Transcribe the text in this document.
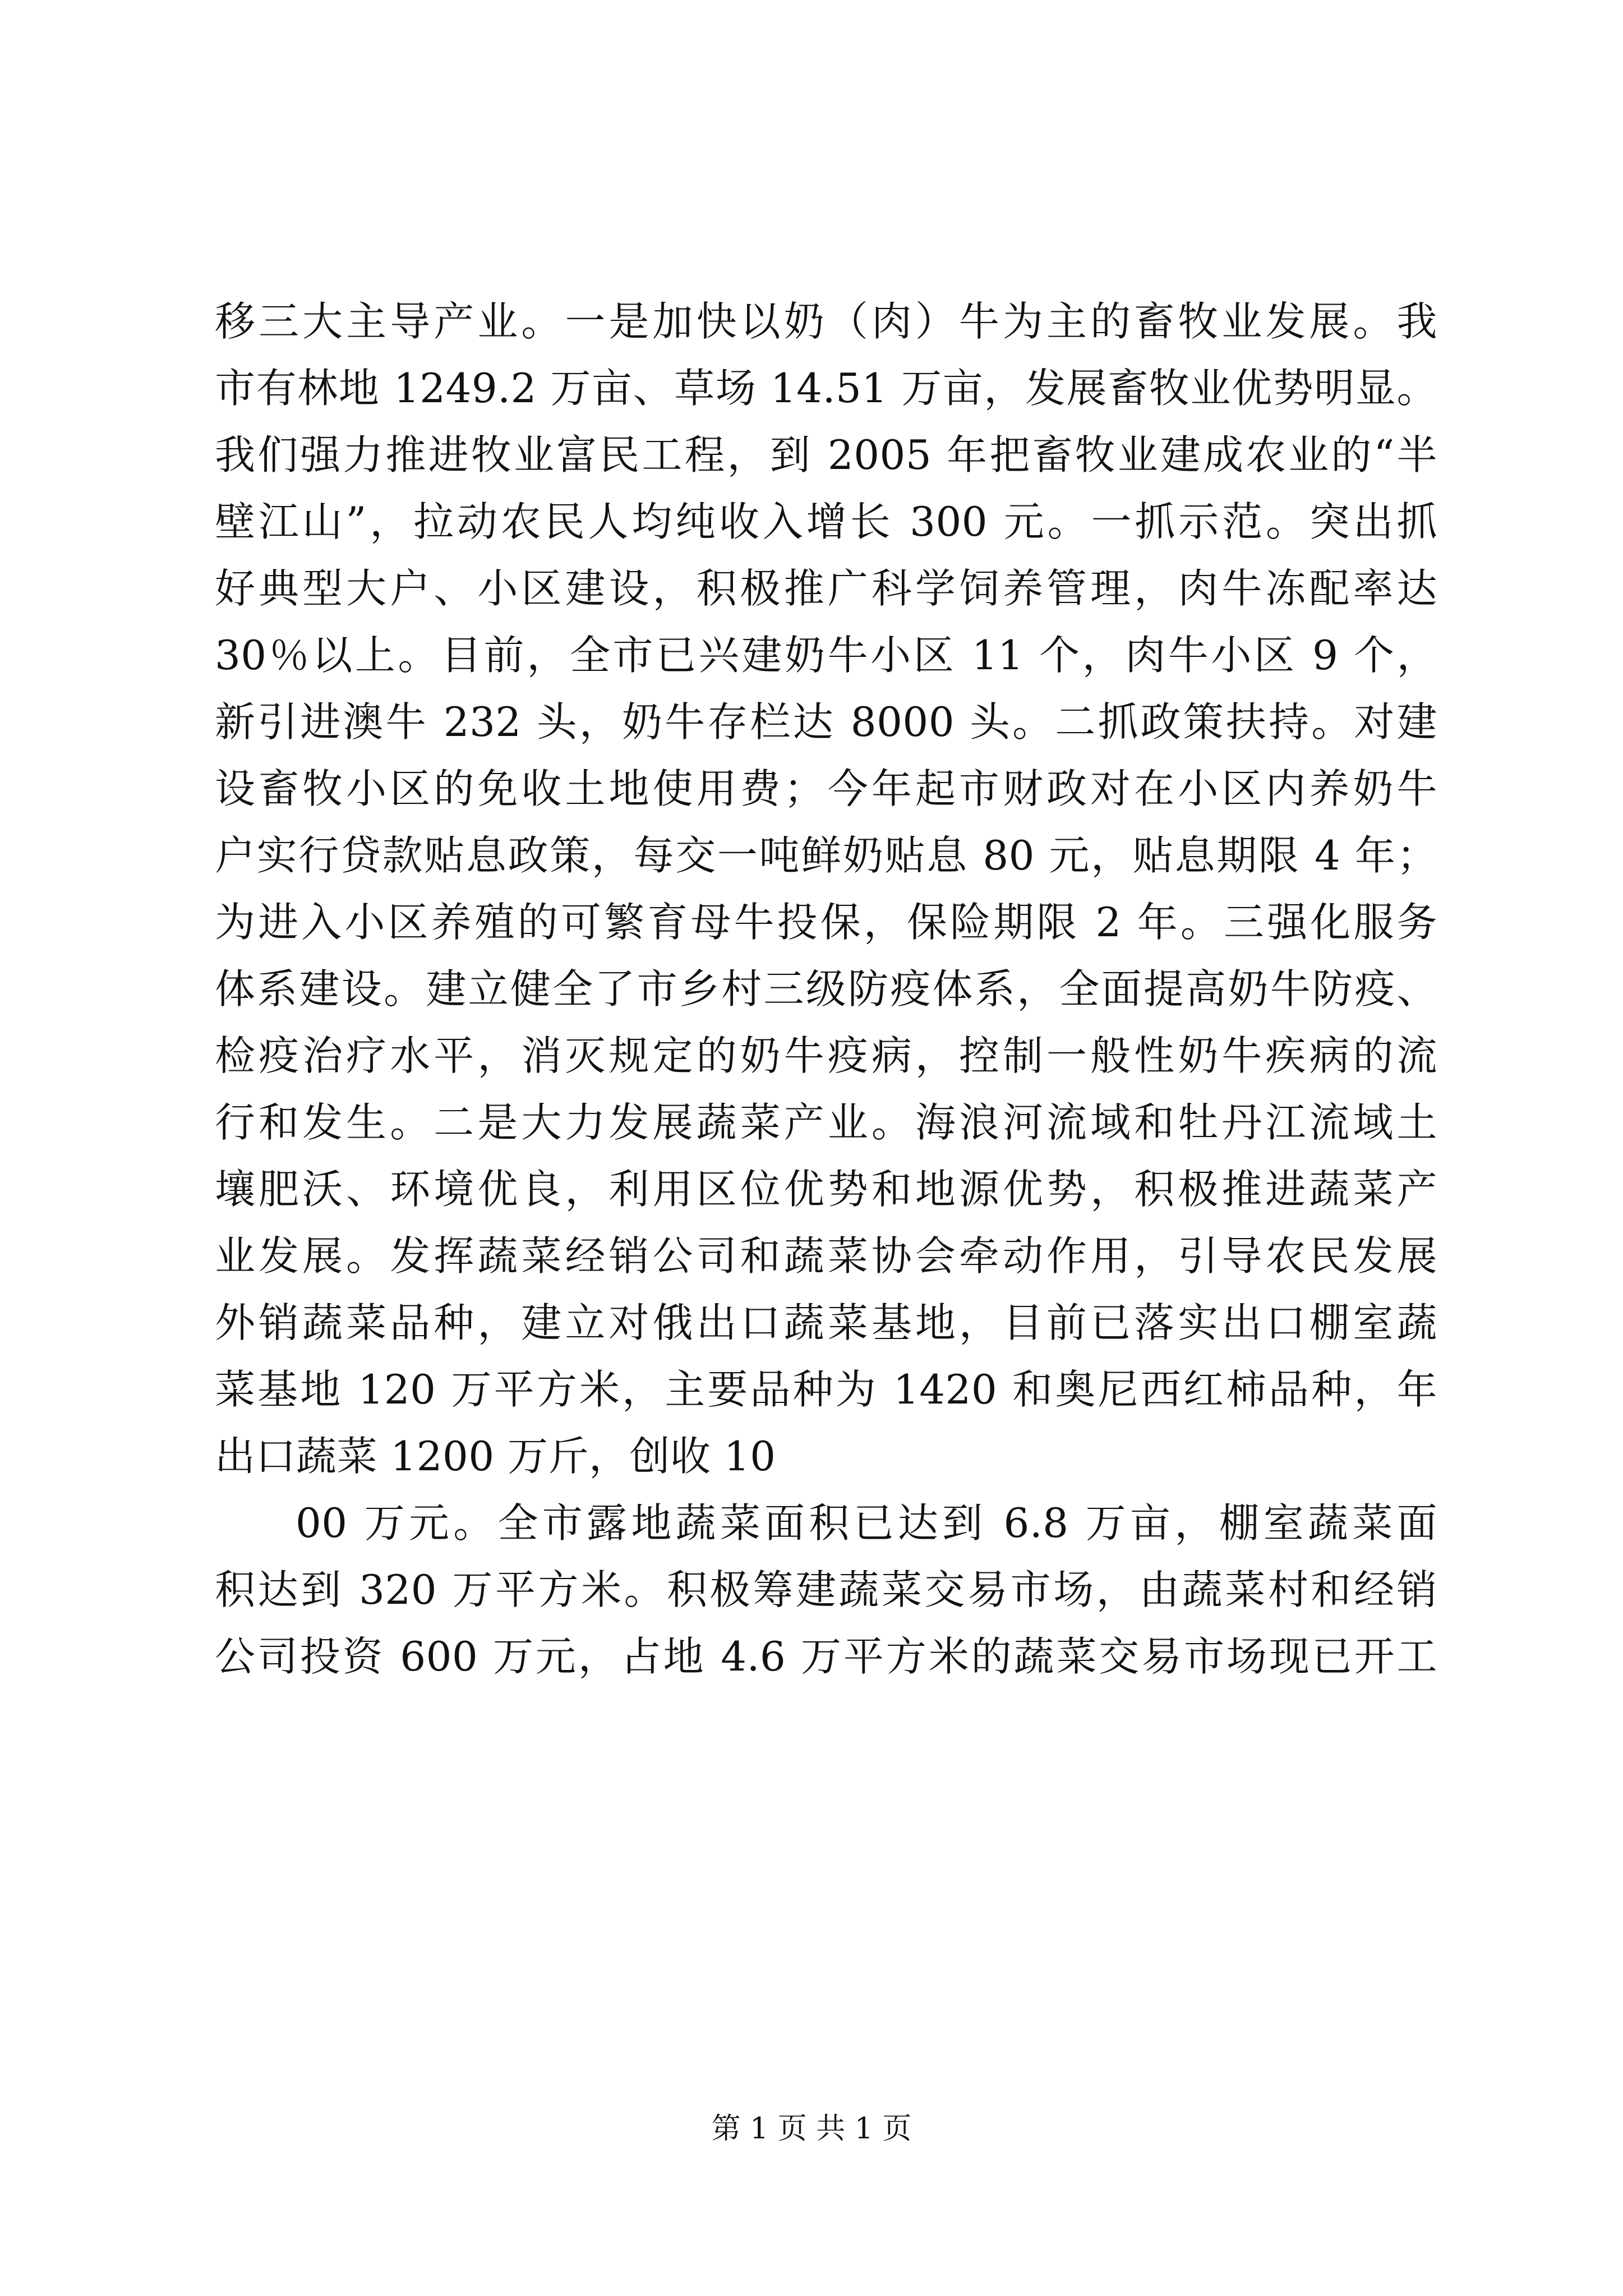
移三大主导产业。一是加快以奶（肉）牛为主的畜牧业发展。我
市有林地 1249.2 万亩、草场 14.51 万亩，发展畜牧业优势明显。
我们强力推进牧业富民工程，到 2005 年把畜牧业建成农业的“半
壁江山”，拉动农民人均纯收入增长 300 元。一抓示范。突出抓
好典型大户、小区建设，积极推广科学饲养管理，肉牛冻配率达
30％以上。目前，全市已兴建奶牛小区 11 个，肉牛小区 9 个，
新引进澳牛 232 头，奶牛存栏达 8000 头。二抓政策扶持。对建
设畜牧小区的免收土地使用费；今年起市财政对在小区内养奶牛
户实行贷款贴息政策，每交一吨鲜奶贴息 80 元，贴息期限 4 年；
为进入小区养殖的可繁育母牛投保，保险期限 2 年。三强化服务
体系建设。建立健全了市乡村三级防疫体系，全面提高奶牛防疫、
检疫治疗水平，消灭规定的奶牛疫病，控制一般性奶牛疾病的流
行和发生。二是大力发展蔬菜产业。海浪河流域和牡丹江流域土
壤肥沃、环境优良，利用区位优势和地源优势，积极推进蔬菜产
业发展。发挥蔬菜经销公司和蔬菜协会牵动作用，引导农民发展
外销蔬菜品种，建立对俄出口蔬菜基地，目前已落实出口棚室蔬
菜基地 120 万平方米，主要品种为 1420 和奥尼西红柿品种，年
出口蔬菜 1200 万斤，创收 10
00 万元。全市露地蔬菜面积已达到 6.8 万亩，棚室蔬菜面
积达到 320 万平方米。积极筹建蔬菜交易市场，由蔬菜村和经销
公司投资 600 万元，占地 4.6 万平方米的蔬菜交易市场现已开工
第 1 页 共 1 页
